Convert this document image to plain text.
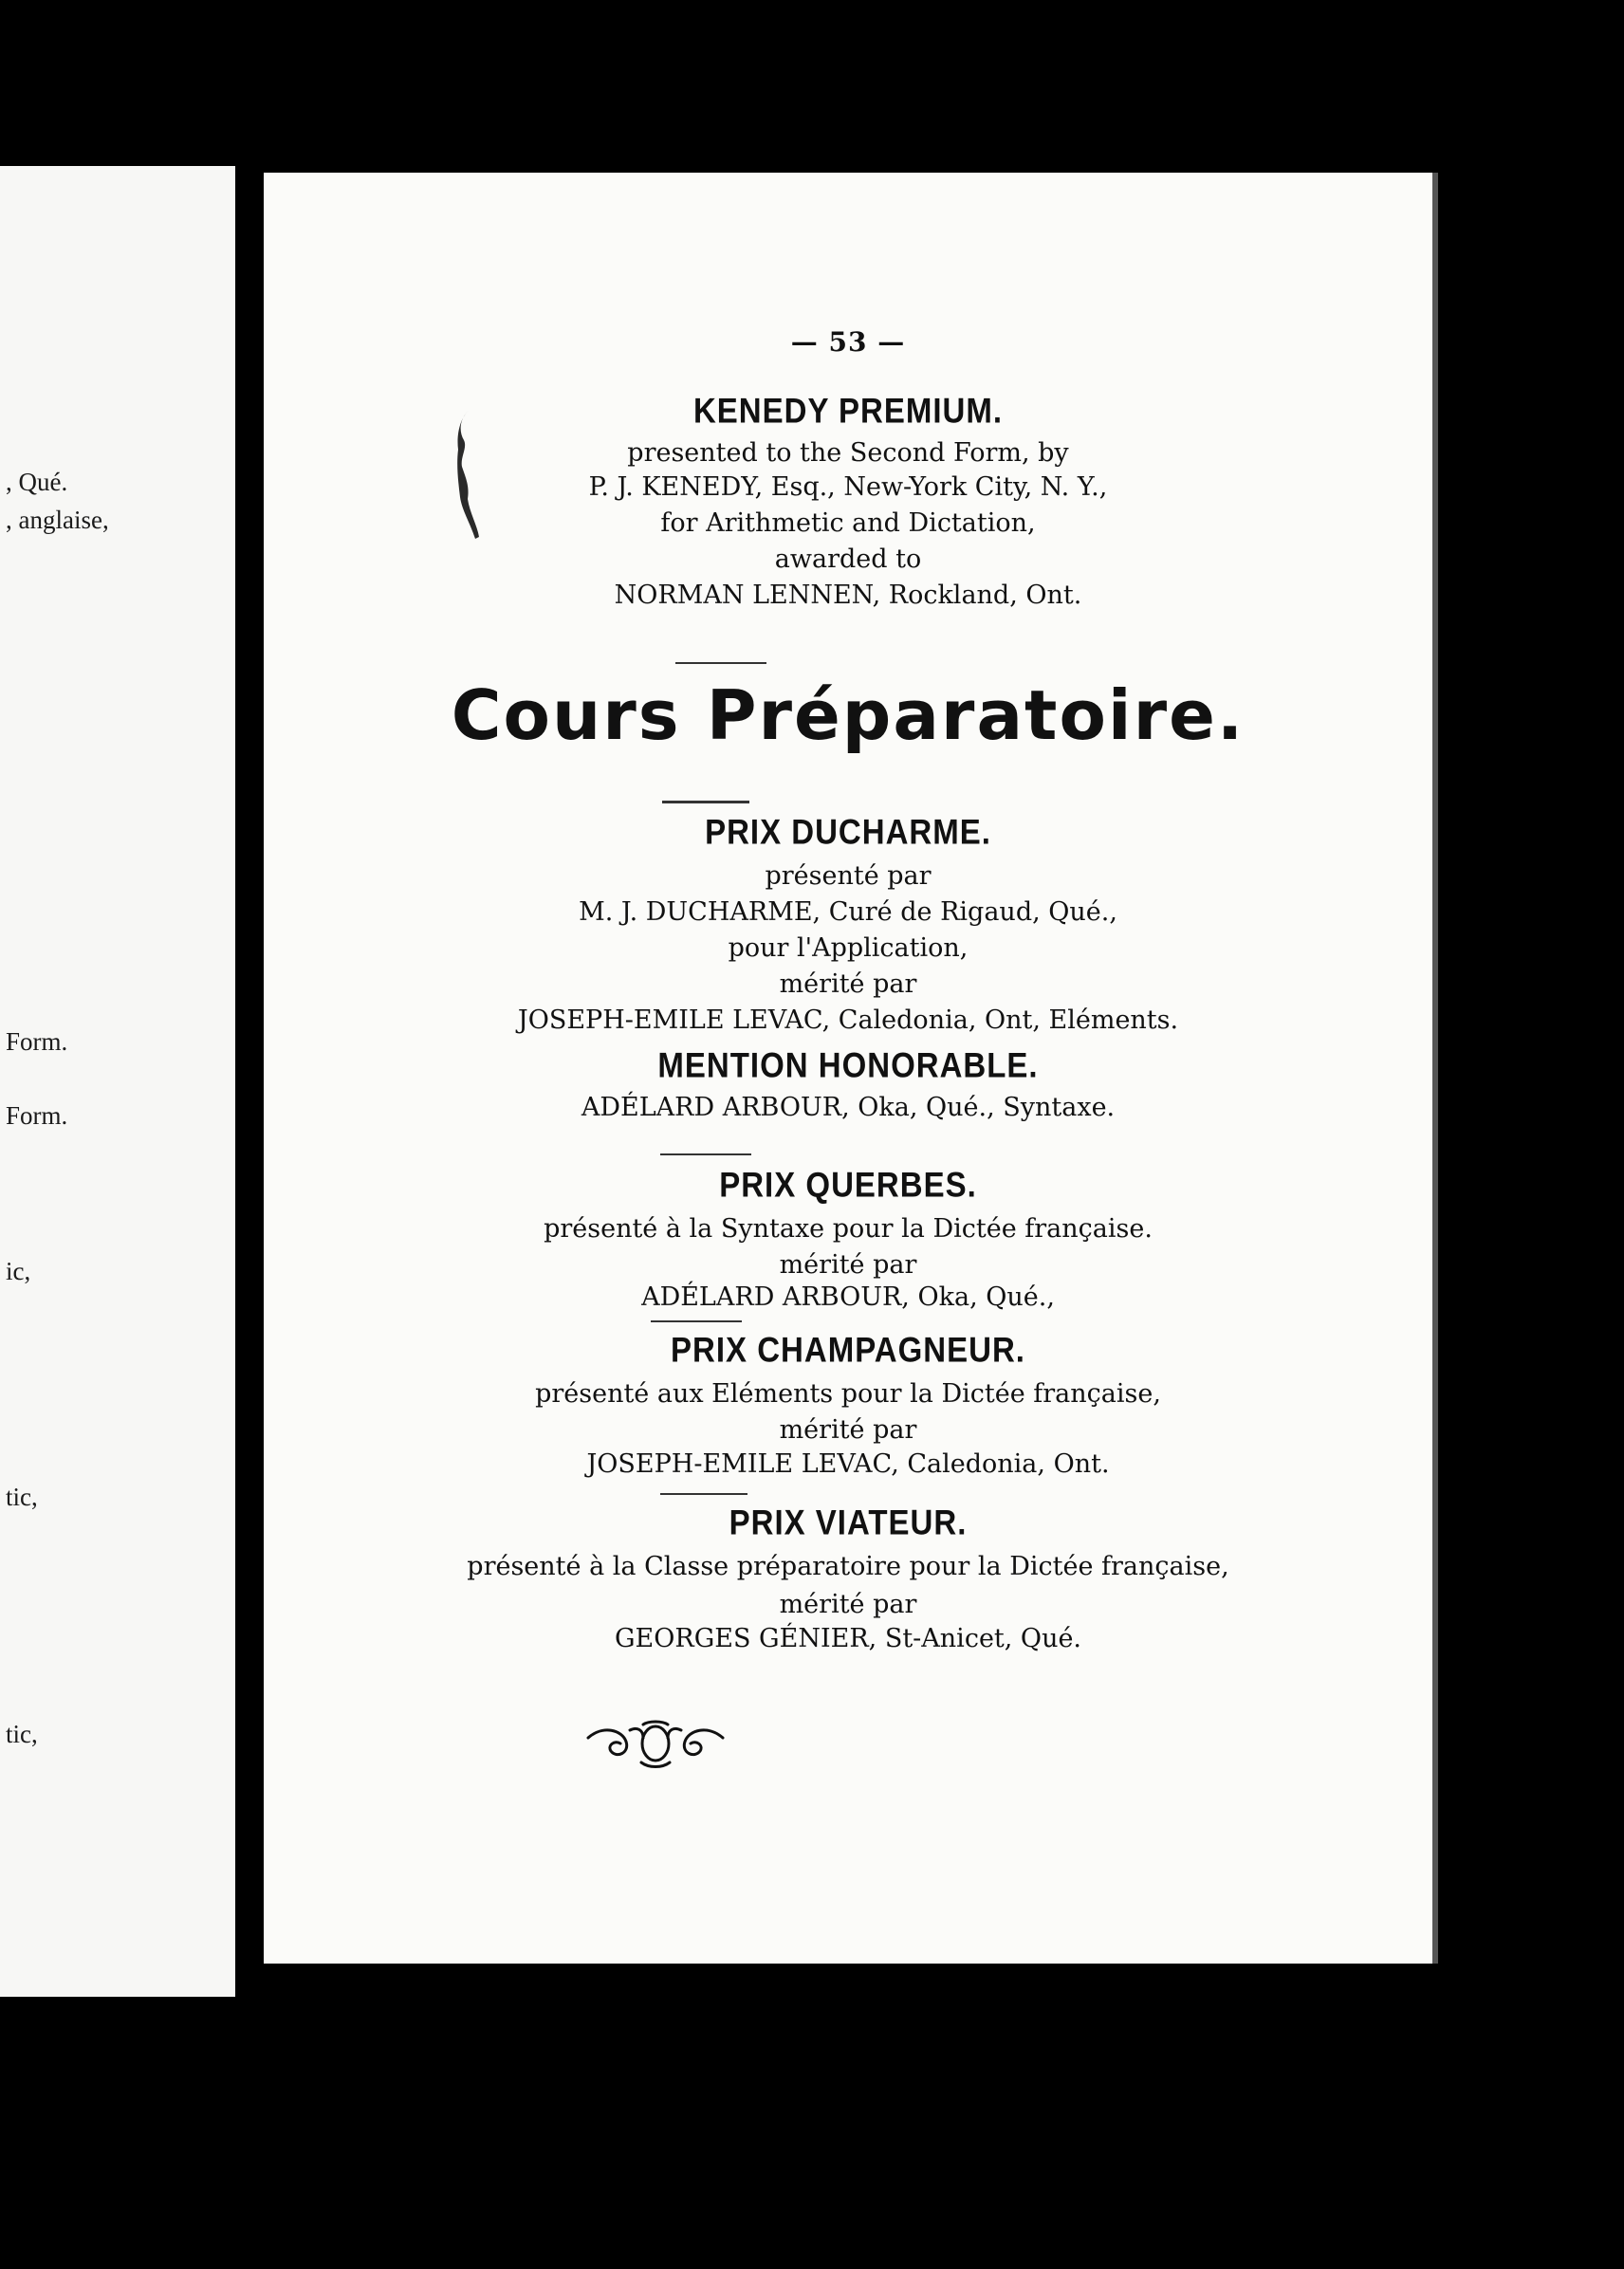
, Qué.
, anglaise,
Form.
Form.
ic,
tic,
tic,
— 53 —
KENEDY PREMIUM.
presented to the Second Form, by
P. J. KENEDY, Esq., New-York City, N. Y.,
for Arithmetic and Dictation,
awarded to
NORMAN LENNEN, Rockland, Ont.
Cours Préparatoire.
PRIX DUCHARME.
présenté par
M. J. DUCHARME, Curé de Rigaud, Qué.,
pour l'Application,
mérité par
JOSEPH-EMILE LEVAC, Caledonia, Ont, Eléments.
MENTION HONORABLE.
ADÉLARD ARBOUR, Oka, Qué., Syntaxe.
PRIX QUERBES.
présenté à la Syntaxe pour la Dictée française.
mérité par
ADÉLARD ARBOUR, Oka, Qué.,
PRIX CHAMPAGNEUR.
présenté aux Eléments pour la Dictée française,
mérité par
JOSEPH-EMILE LEVAC, Caledonia, Ont.
PRIX VIATEUR.
présenté à la Classe préparatoire pour la Dictée française,
mérité par
GEORGES GÉNIER, St-Anicet, Qué.
